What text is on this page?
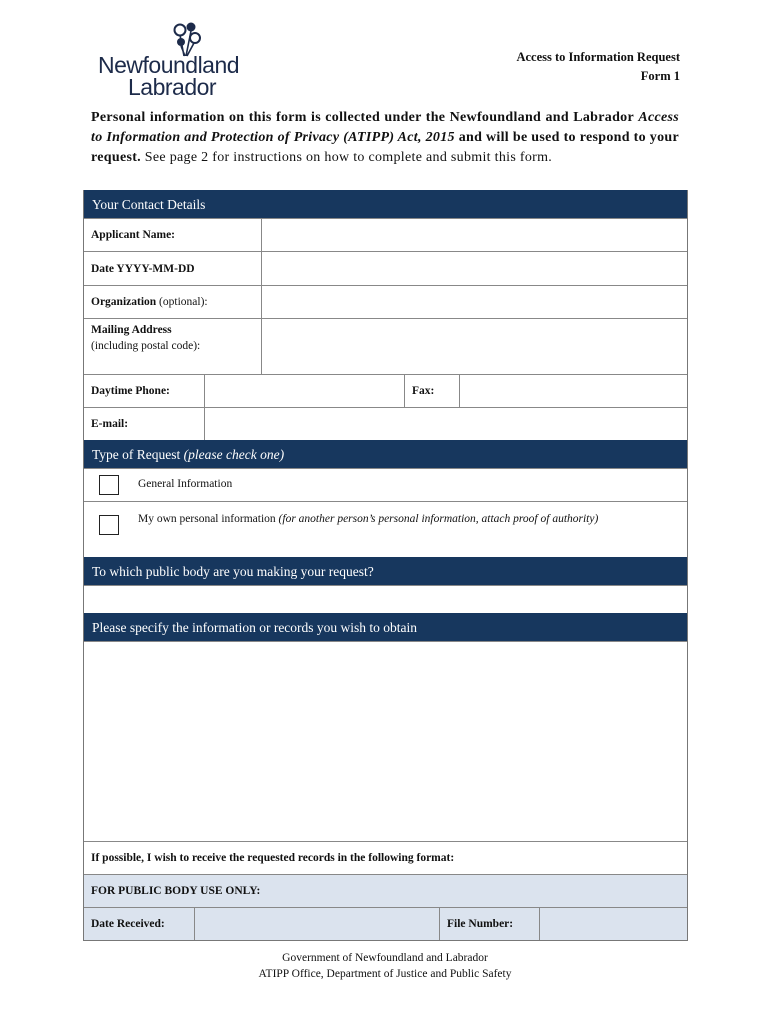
Newfoundland
Labrador
Access to Information Request
Form 1
Personal information on this form is collected under the Newfoundland and Labrador Access to Information and Protection of Privacy (ATIPP) Act, 2015 and will be used to respond to your request. See page 2 for instructions on how to complete and submit this form.
Your Contact Details
Applicant Name:
Date YYYY-MM-DD
Organization
(optional):
Mailing Address
(including postal code):
Daytime Phone:	Fax:
E-mail:
Type of Request (please check one)
General Information
My own personal information (for another person’s personal information, attach proof of authority)
To which public body are you making your request?
Please specify the information or records you wish to obtain
If possible, I wish to receive the requested records in the following format:
FOR PUBLIC BODY USE ONLY:
Date Received:	File Number:
Government of Newfoundland and Labrador
ATIPP Office, Department of Justice and Public Safety
